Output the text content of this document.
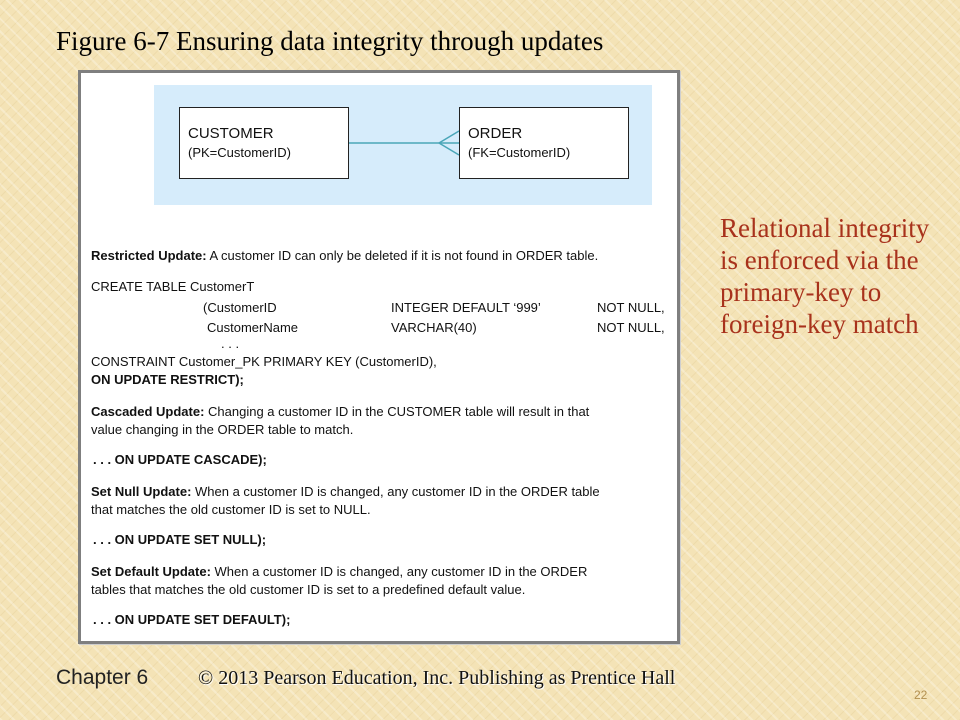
Figure 6-7 Ensuring data integrity through updates
CUSTOMER
(PK=CustomerID)
ORDER
(FK=CustomerID)
Restricted Update: A customer ID can only be deleted if it is not found in ORDER table.
CREATE TABLE CustomerT
(CustomerID	INTEGER DEFAULT ‘999’	NOT NULL,
CustomerName	VARCHAR(40)	NOT NULL,
. . .
CONSTRAINT Customer_PK PRIMARY KEY (CustomerID),
ON UPDATE RESTRICT);
Cascaded Update: Changing a customer ID in the CUSTOMER table will result in that
value changing in the ORDER table to match.
. . . ON UPDATE CASCADE);
Set Null Update: When a customer ID is changed, any customer ID in the ORDER table
that matches the old customer ID is set to NULL.
. . . ON UPDATE SET NULL);
Set Default Update: When a customer ID is changed, any customer ID in the ORDER
tables that matches the old customer ID is set to a predefined default value.
. . . ON UPDATE SET DEFAULT);
Relational integrity is enforced via the primary-key to foreign-key match
Chapter 6 © 2013 Pearson Education, Inc. Publishing as Prentice Hall
22
